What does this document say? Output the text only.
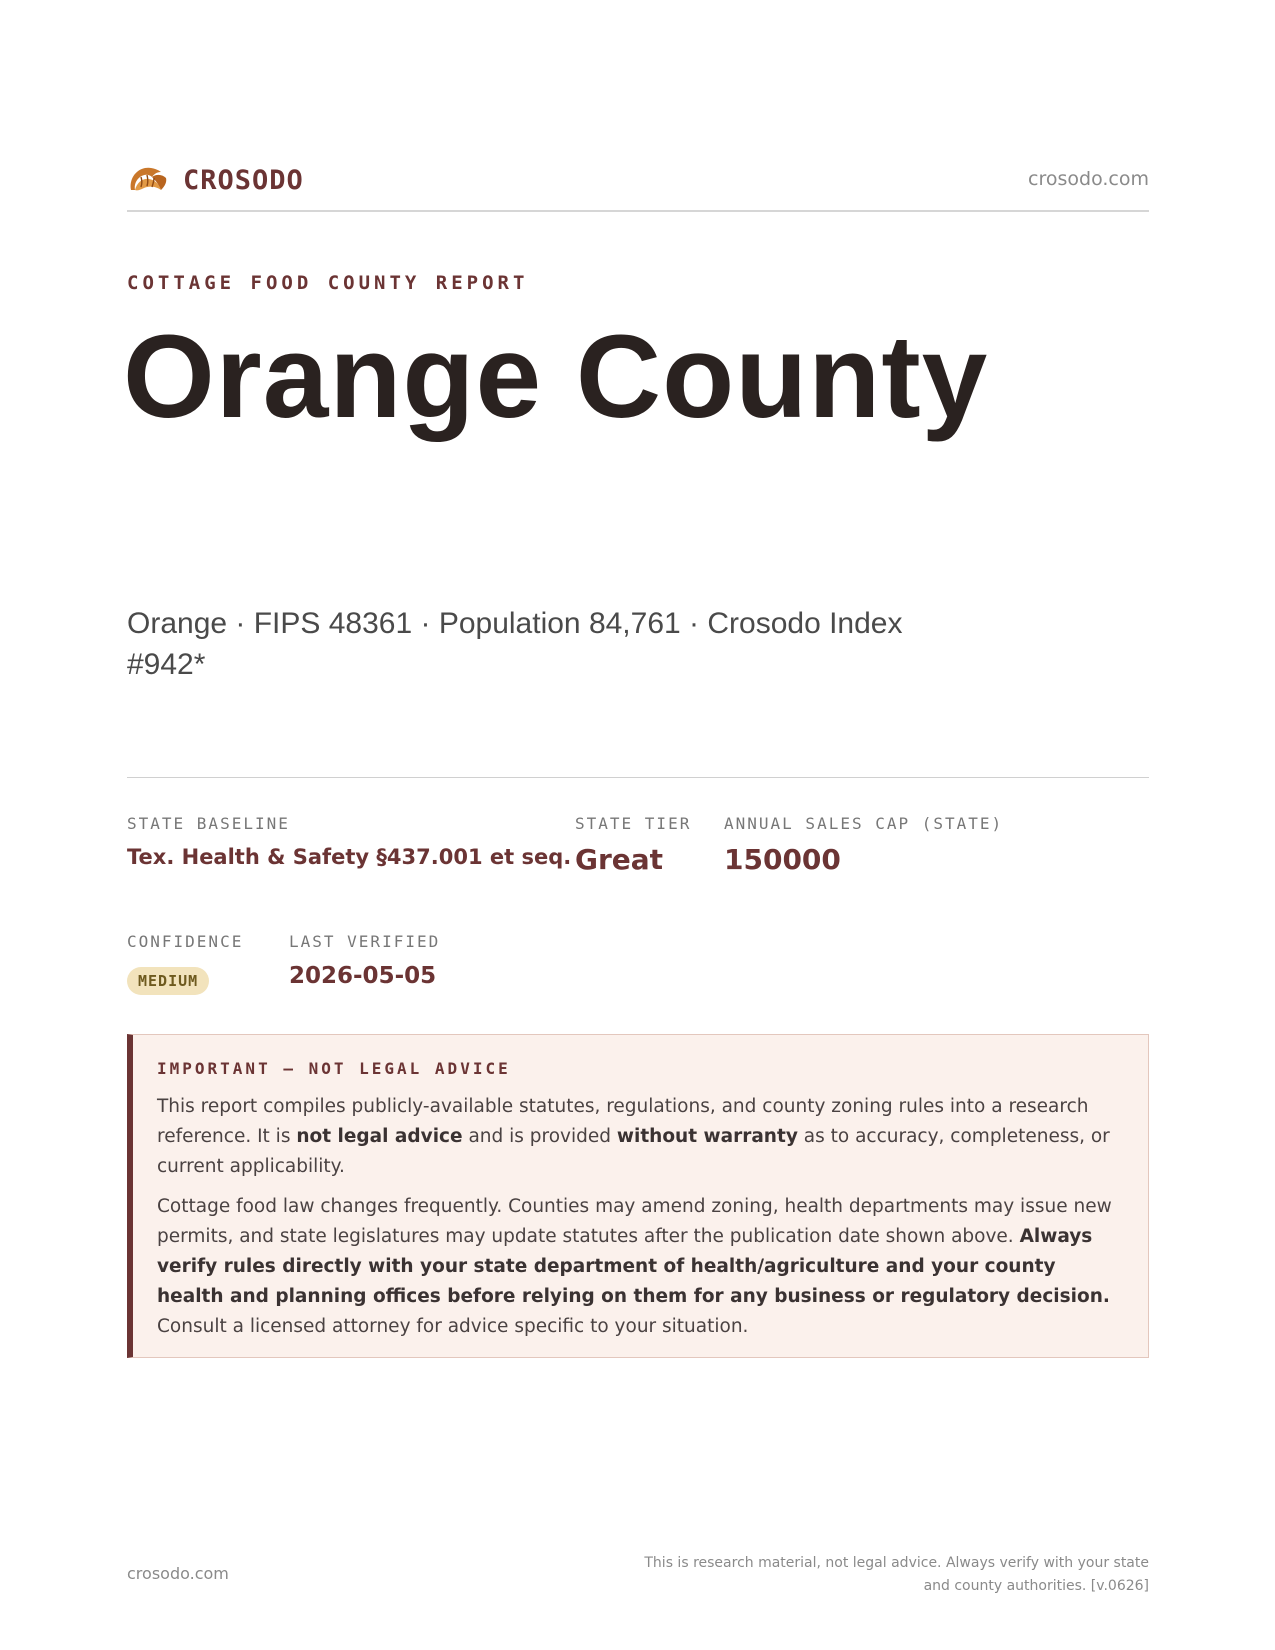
CROSODO	crosodo.com
COTTAGE FOOD COUNTY REPORT
Orange County
Orange · FIPS 48361 · Population 84,761 · Crosodo Index #942*
STATE BASELINE
Tex. Health & Safety §437.001 et seq.
STATE TIER
Great
ANNUAL SALES CAP (STATE)
150000
CONFIDENCE
MEDIUM
LAST VERIFIED
2026-05-05
IMPORTANT — NOT LEGAL ADVICE

This report compiles publicly-available statutes, regulations, and county zoning rules into a research reference. It is not legal advice and is provided without warranty as to accuracy, completeness, or current applicability.

Cottage food law changes frequently. Counties may amend zoning, health departments may issue new permits, and state legislatures may update statutes after the publication date shown above. Always verify rules directly with your state department of health/agriculture and your county health and planning offices before relying on them for any business or regulatory decision. Consult a licensed attorney for advice specific to your situation.

crosodo.com
This is research material, not legal advice. Always verify with your state and county authorities. [v.0626]
